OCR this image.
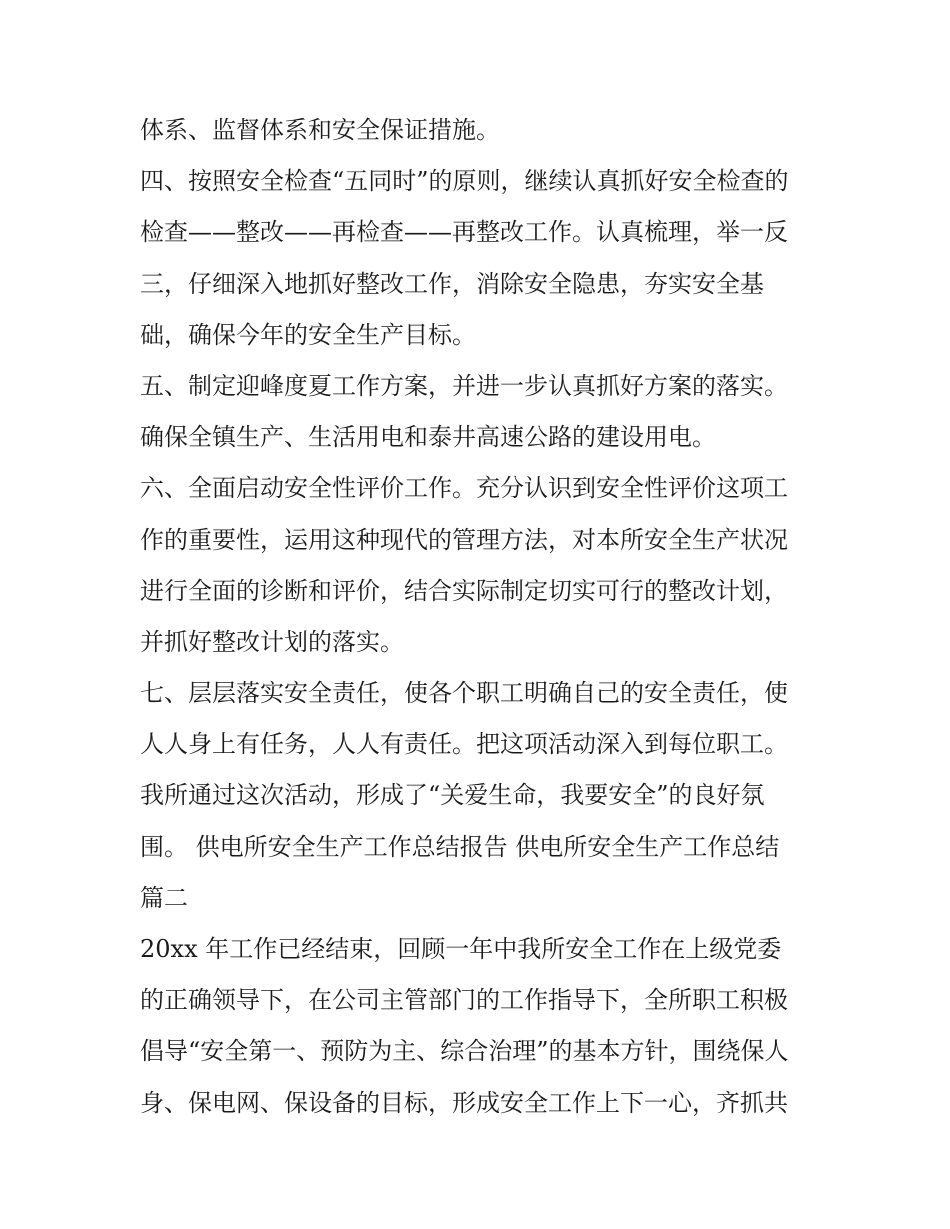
体系、监督体系和安全保证措施。
四、按照安全检查“五同时”的原则，继续认真抓好安全检查的
检查——整改——再检查——再整改工作。认真梳理，举一反
三，仔细深入地抓好整改工作，消除安全隐患，夯实安全基
础，确保今年的安全生产目标。
五、制定迎峰度夏工作方案，并进一步认真抓好方案的落实。
确保全镇生产、生活用电和泰井高速公路的建设用电。
六、全面启动安全性评价工作。充分认识到安全性评价这项工
作的重要性，运用这种现代的管理方法，对本所安全生产状况
进行全面的诊断和评价，结合实际制定切实可行的整改计划，
并抓好整改计划的落实。
七、层层落实安全责任，使各个职工明确自己的安全责任，使
人人身上有任务，人人有责任。把这项活动深入到每位职工。
我所通过这次活动，形成了“关爱生命，我要安全”的良好氛
围。 供电所安全生产工作总结报告 供电所安全生产工作总结
篇二
20xx 年工作已经结束，回顾一年中我所安全工作在上级党委
的正确领导下，在公司主管部门的工作指导下，全所职工积极
倡导“安全第一、预防为主、综合治理”的基本方针，围绕保人
身、保电网、保设备的目标，形成安全工作上下一心，齐抓共
